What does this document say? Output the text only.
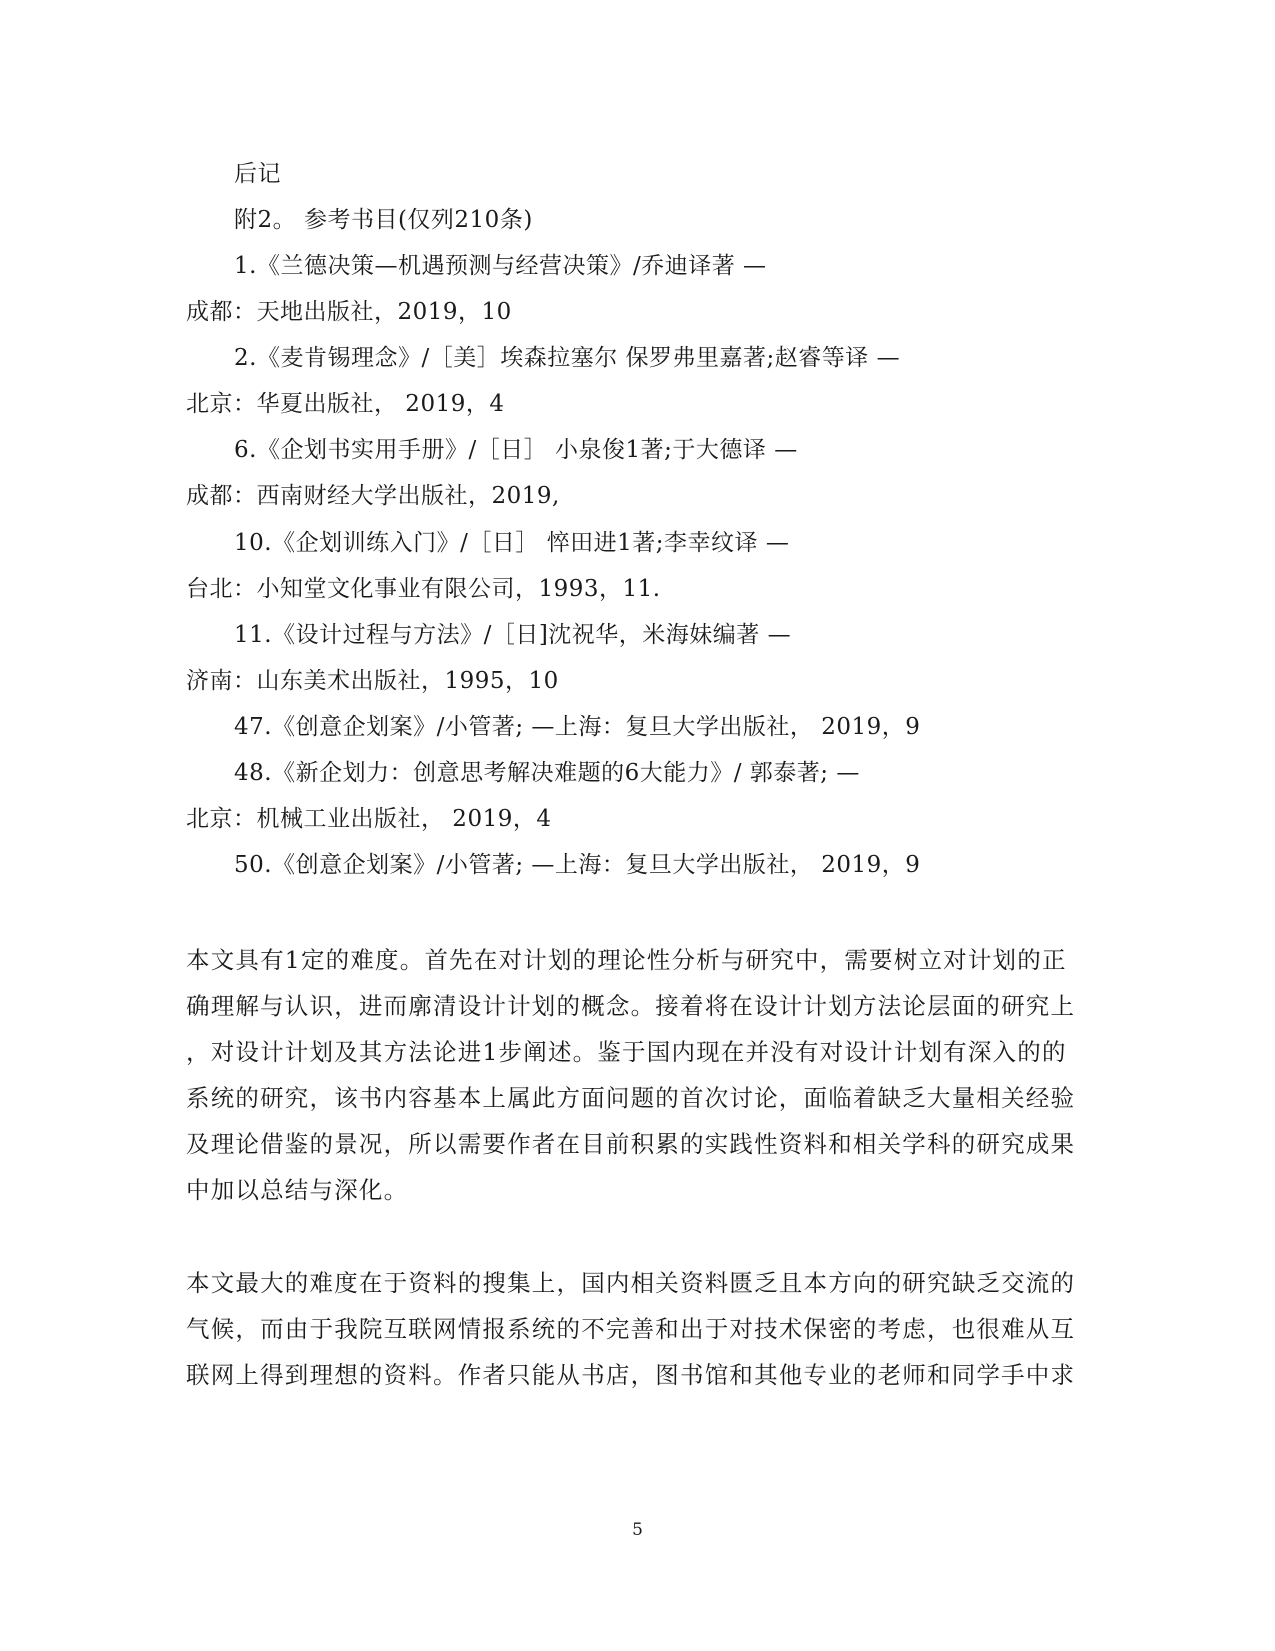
后记
附2。 参考书目(仅列210条)
1.《兰德决策—机遇预测与经营决策》/乔迪译著 —
成都：天地出版社，2019，10
2.《麦肯锡理念》/［美］埃森拉塞尔 保罗弗里嘉著;赵睿等译 —
北京：华夏出版社， 2019，4
6.《企划书实用手册》/［日］ 小泉俊1著;于大德译 —
成都：西南财经大学出版社，2019,
10.《企划训练入门》/［日］ 悴田进1著;李幸纹译 —
台北：小知堂文化事业有限公司，1993，11.
11.《设计过程与方法》/［日]沈祝华，米海妹编著 —
济南：山东美术出版社，1995，10
47.《创意企划案》/小管著; —上海：复旦大学出版社， 2019，9
48.《新企划力：创意思考解决难题的6大能力》/ 郭泰著; —
北京：机械工业出版社， 2019，4
50.《创意企划案》/小管著; —上海：复旦大学出版社， 2019，9
本文具有1定的难度。首先在对计划的理论性分析与研究中，需要树立对计划的正
确理解与认识，进而廓清设计计划的概念。接着将在设计计划方法论层面的研究上
，对设计计划及其方法论进1步阐述。鉴于国内现在并没有对设计计划有深入的的
系统的研究，该书内容基本上属此方面问题的首次讨论，面临着缺乏大量相关经验
及理论借鉴的景况，所以需要作者在目前积累的实践性资料和相关学科的研究成果
中加以总结与深化。
本文最大的难度在于资料的搜集上，国内相关资料匮乏且本方向的研究缺乏交流的
气候，而由于我院互联网情报系统的不完善和出于对技术保密的考虑，也很难从互
联网上得到理想的资料。作者只能从书店，图书馆和其他专业的老师和同学手中求
5
